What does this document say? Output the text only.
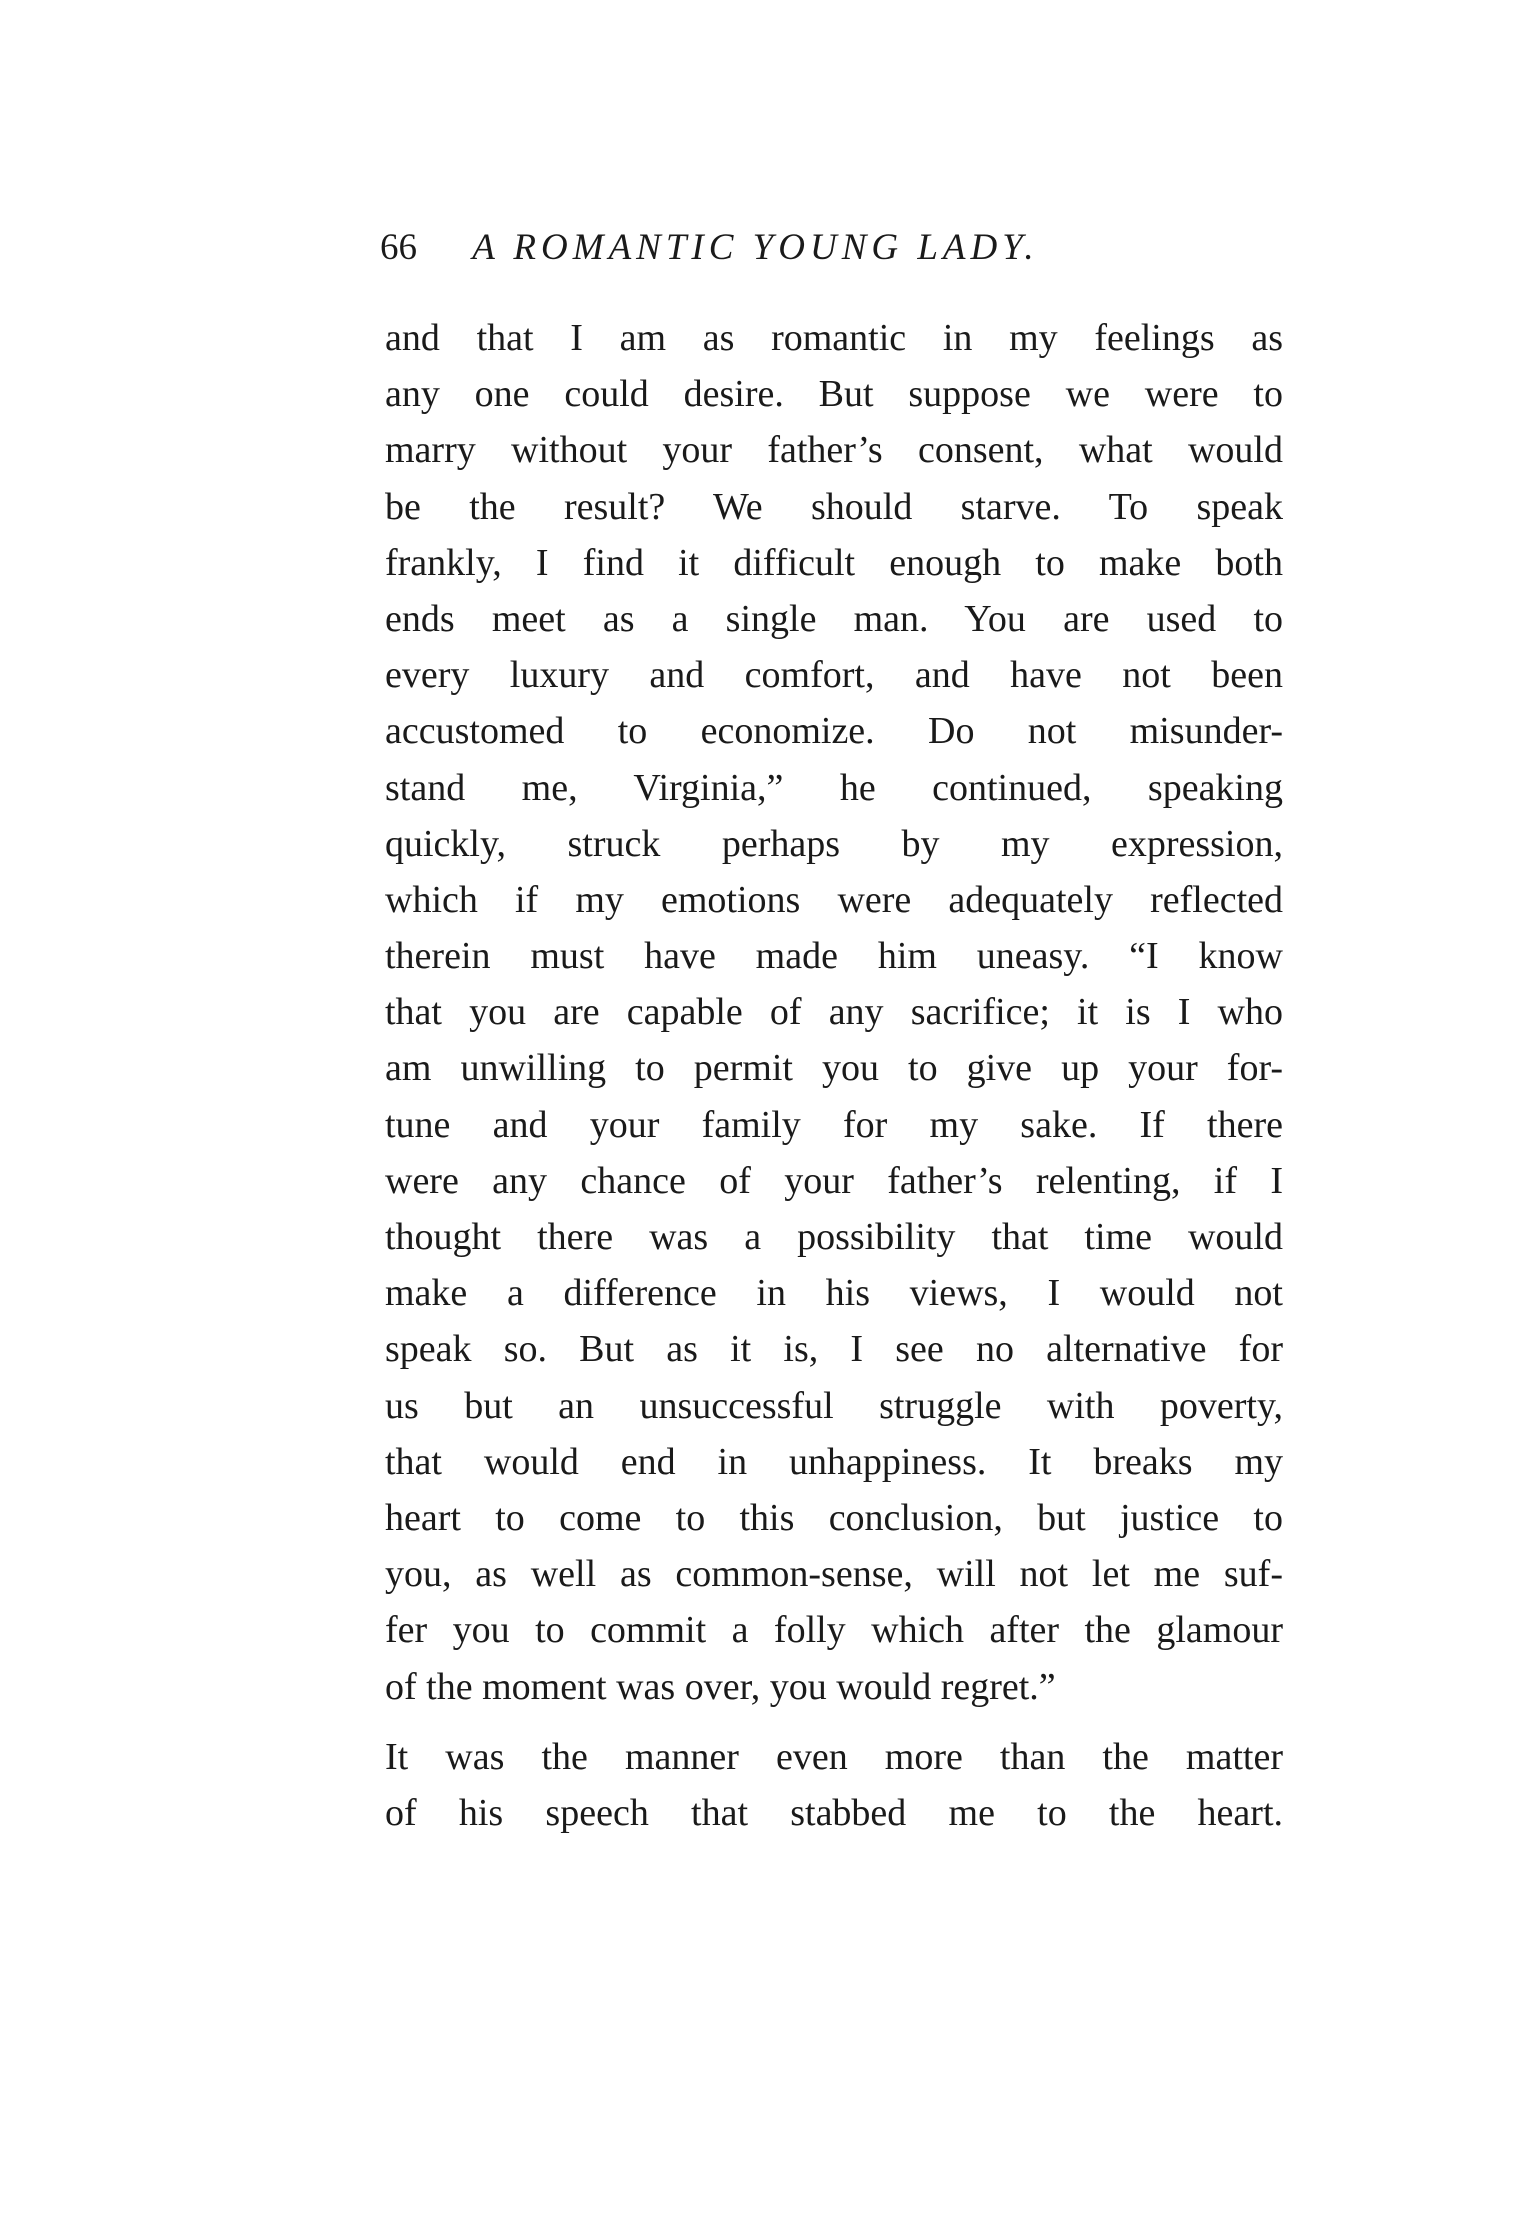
66 A ROMANTIC YOUNG LADY.
and that I am as romantic in my feelings as
any one could desire. But suppose we were to
marry without your father’s consent, what would
be the result? We should starve. To speak
frankly, I find it difficult enough to make both
ends meet as a single man. You are used to
every luxury and comfort, and have not been
accustomed to economize. Do not misunder-
stand me, Virginia,” he continued, speaking
quickly, struck perhaps by my expression,
which if my emotions were adequately reflected
therein must have made him uneasy. “I know
that you are capable of any sacrifice; it is I who
am unwilling to permit you to give up your for-
tune and your family for my sake. If there
were any chance of your father’s relenting, if I
thought there was a possibility that time would
make a difference in his views, I would not
speak so. But as it is, I see no alternative for
us but an unsuccessful struggle with poverty,
that would end in unhappiness. It breaks my
heart to come to this conclusion, but justice to
you, as well as common-sense, will not let me suf-
fer you to commit a folly which after the glamour
of the moment was over, you would regret.”
It was the manner even more than the matter
of his speech that stabbed me to the heart.
